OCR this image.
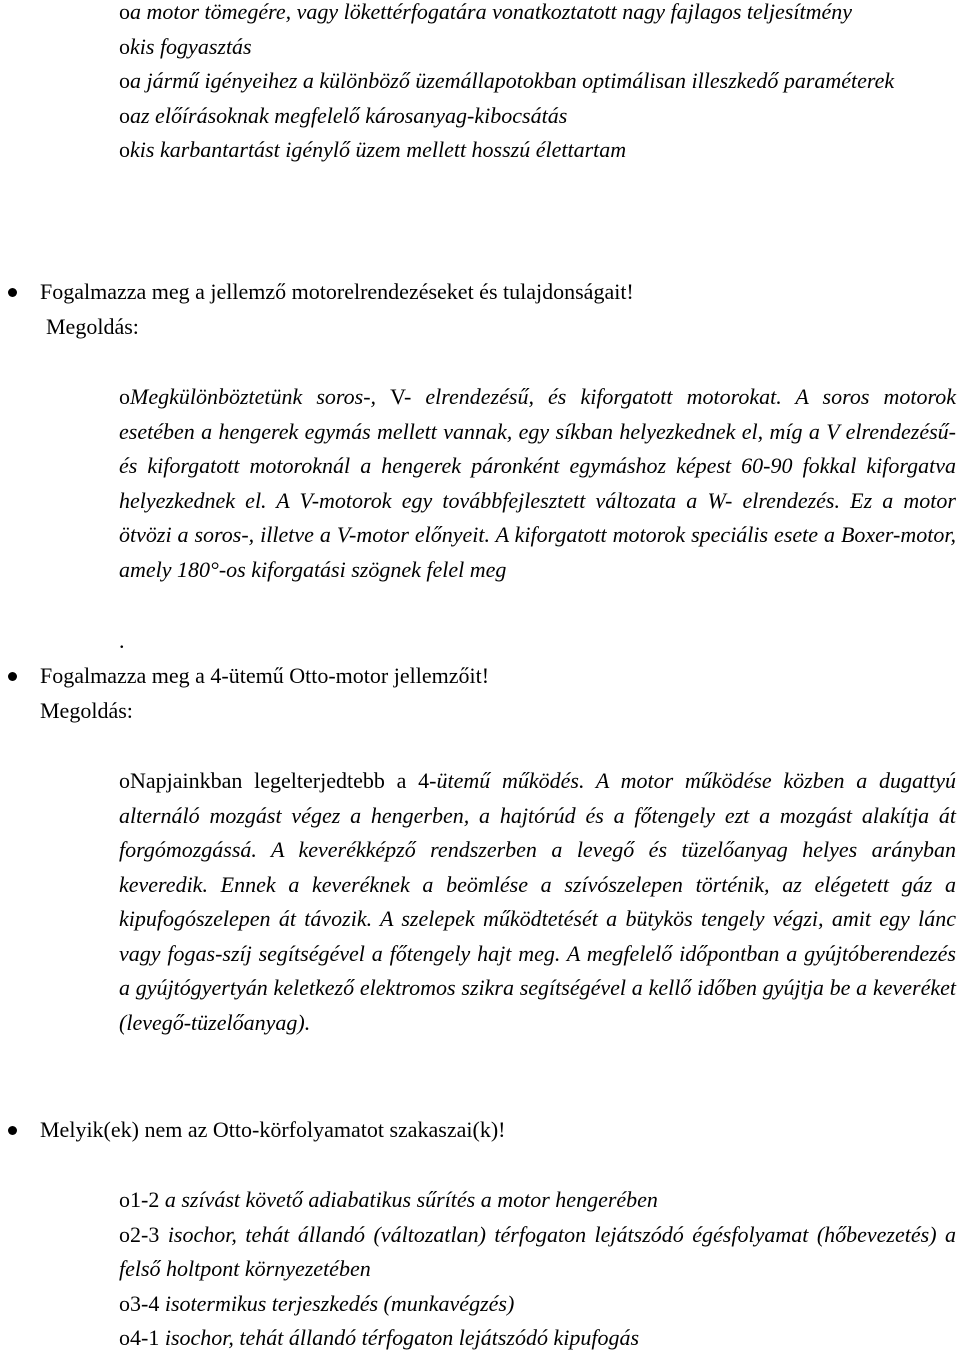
oa motor tömegére, vagy lökettérfogatára vonatkoztatott nagy fajlagos teljesítmény
okis fogyasztás
oa jármű igényeihez a különböző üzemállapotokban optimálisan illeszkedő paraméterek
oaz előírásoknak megfelelő károsanyag-kibocsátás
okis karbantartást igénylő üzem mellett hosszú élettartam
Fogalmazza meg a jellemző motorelrendezéseket és tulajdonságait!
Megoldás:
oMegkülönböztetünk soros-, V- elrendezésű, és kiforgatott motorokat. A soros motorok esetében a hengerek egymás mellett vannak, egy síkban helyezkednek el, míg a V elrendezésű- és kiforgatott motoroknál a hengerek páronként egymáshoz képest 60-90 fokkal kiforgatva helyezkednek el. A V-motorok egy továbbfejlesztett változata a W- elrendezés. Ez a motor ötvözi a soros-, illetve a V-motor előnyeit. A kiforgatott motorok speciális esete a Boxer-motor, amely 180°-os kiforgatási szögnek felel meg
.
Fogalmazza meg a 4-ütemű Otto-motor jellemzőit!
Megoldás:
oNapjainkban legelterjedtebb a 4-ütemű működés. A motor működése közben a dugattyú alternáló mozgást végez a hengerben, a hajtórúd és a főtengely ezt a mozgást alakítja át forgómozgássá. A keverékképző rendszerben a levegő és tüzelőanyag helyes arányban keveredik. Ennek a keveréknek a beömlése a szívószelepen történik, az elégetett gáz a kipufogószelepen át távozik. A szelepek működtetését a bütykös tengely végzi, amit egy lánc vagy fogas-szíj segítségével a főtengely hajt meg. A megfelelő időpontban a gyújtóberendezés a gyújtógyertyán keletkező elektromos szikra segítségével a kellő időben gyújtja be a keveréket (levegő-tüzelőanyag).
Melyik(ek) nem az Otto-körfolyamatot szakaszai(k)!
o1-2 a szívást követő adiabatikus sűrítés a motor hengerében
o2-3 isochor, tehát állandó (változatlan) térfogaton lejátszódó égésfolyamat (hőbevezetés) a felső holtpont környezetében
o3-4 isotermikus terjeszkedés (munkavégzés)
o4-1 isochor, tehát állandó térfogaton lejátszódó kipufogás
